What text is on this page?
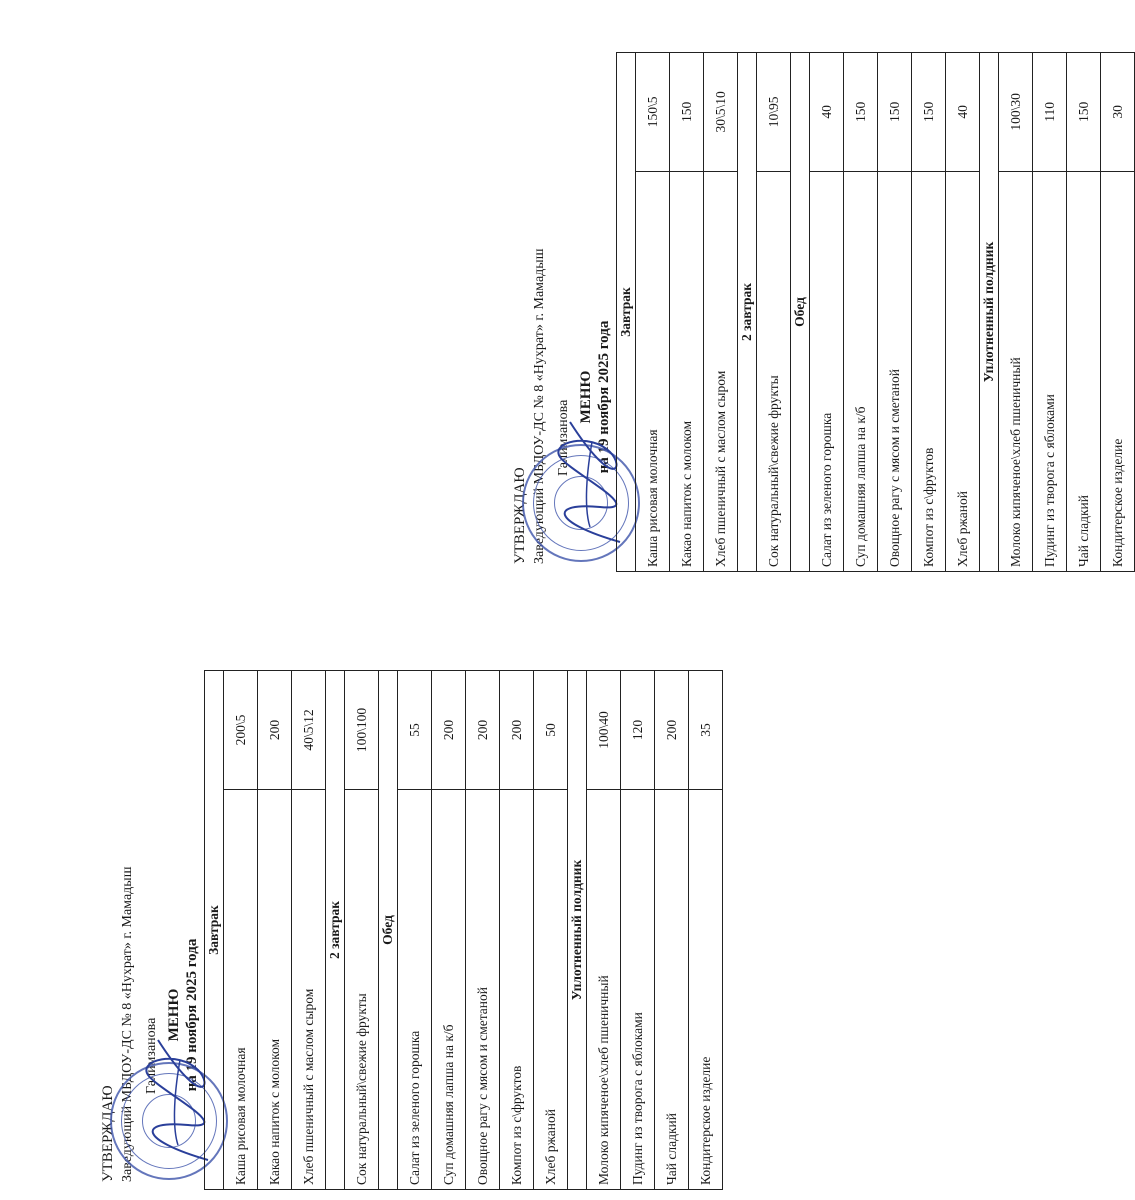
УТВЕРЖДАЮ Заведующий МБДОУ-ДС № 8 «Нухрат» г. Мамадыш Галимзанова
МЕНЮ на 19 ноября 2025 года
Завтрак	
Каша рисовая молочная	200\5
Какао напиток с молоком	200
Хлеб пшеничный с маслом сыром	40\5\12
2 завтрак	
Сок натуральный\свежие фрукты	100\100
Обед	
Салат из зеленого горошка	55
Суп домашняя лапша на к/б	200
Овощное рагу с мясом и сметаной	200
Компот из с\фруктов	200
Хлеб ржаной	50
Уплотненный полдник	
Молоко кипяченое\хлеб пшеничный	100\40
Пудинг из творога с яблоками	120
Чай сладкий	200
Кондитерское изделие	35
УТВЕРЖДАЮ Заведующий МБДОУ-ДС № 8 «Нухрат» г. Мамадыш Галимзанова
МЕНЮ на 19 ноября 2025 года
Завтрак	
Каша рисовая молочная	150\5
Какао напиток с молоком	150
Хлеб пшеничный с маслом сыром	30\5\10
2 завтрак	
Сок натуральный\свежие фрукты	10\95
Обед	
Салат из зеленого горошка	40
Суп домашняя лапша на к/б	150
Овощное рагу с мясом и сметаной	150
Компот из с\фруктов	150
Хлеб ржаной	40
Уплотненный полдник	
Молоко кипяченое\хлеб пшеничный	100\30
Пудинг из творога с яблоками	110
Чай сладкий	150
Кондитерское изделие	30
